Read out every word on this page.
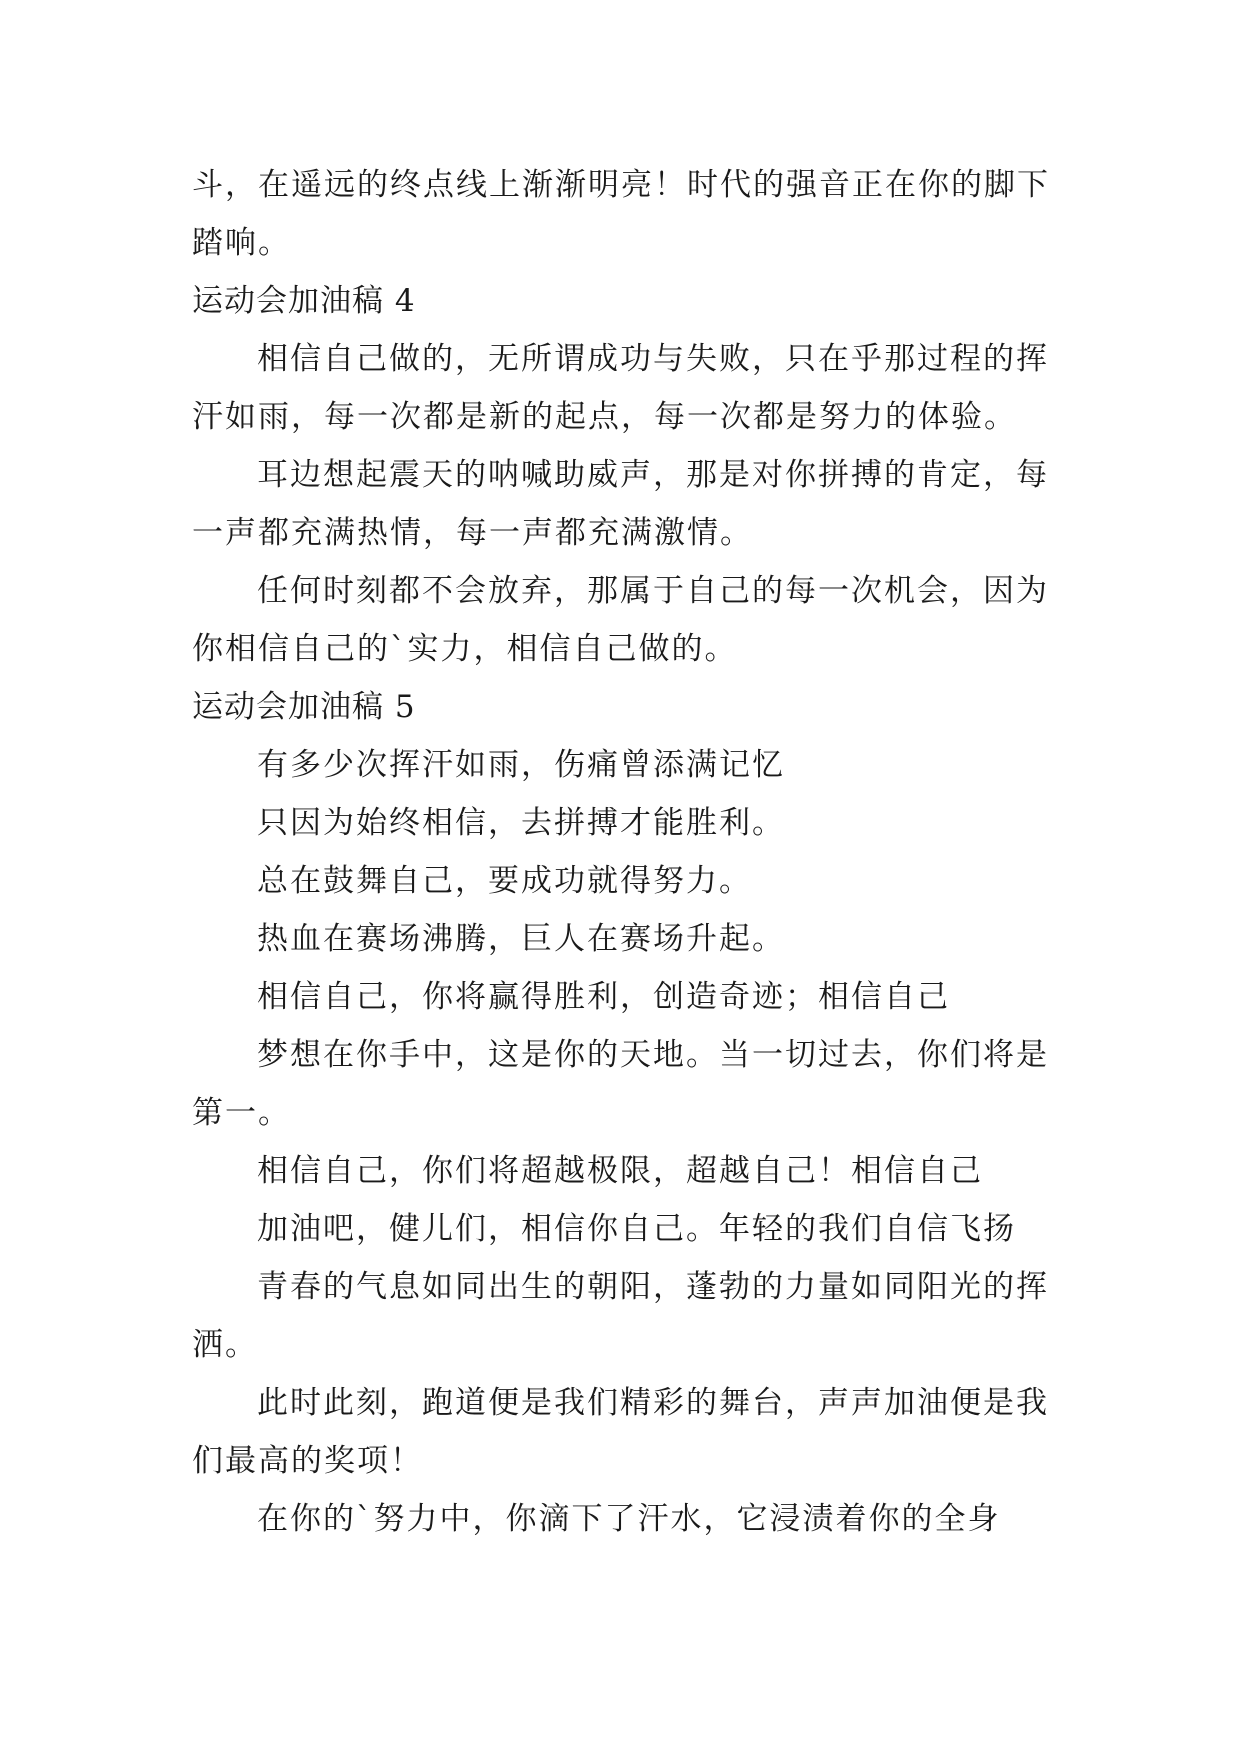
斗，在遥远的终点线上渐渐明亮！时代的强音正在你的脚下
踏响。
运动会加油稿 4
相信自己做的，无所谓成功与失败，只在乎那过程的挥
汗如雨，每一次都是新的起点，每一次都是努力的体验。
耳边想起震天的呐喊助威声，那是对你拼搏的肯定，每
一声都充满热情，每一声都充满激情。
任何时刻都不会放弃，那属于自己的每一次机会，因为
你相信自己的`实力，相信自己做的。
运动会加油稿 5
有多少次挥汗如雨，伤痛曾添满记忆
只因为始终相信，去拼搏才能胜利。
总在鼓舞自己，要成功就得努力。
热血在赛场沸腾，巨人在赛场升起。
相信自己，你将赢得胜利，创造奇迹；相信自己
梦想在你手中，这是你的天地。当一切过去，你们将是
第一。
相信自己，你们将超越极限，超越自己！相信自己
加油吧，健儿们，相信你自己。年轻的我们自信飞扬
青春的气息如同出生的朝阳，蓬勃的力量如同阳光的挥
洒。
此时此刻，跑道便是我们精彩的舞台，声声加油便是我
们最高的奖项！
在你的`努力中，你滴下了汗水，它浸渍着你的全身
